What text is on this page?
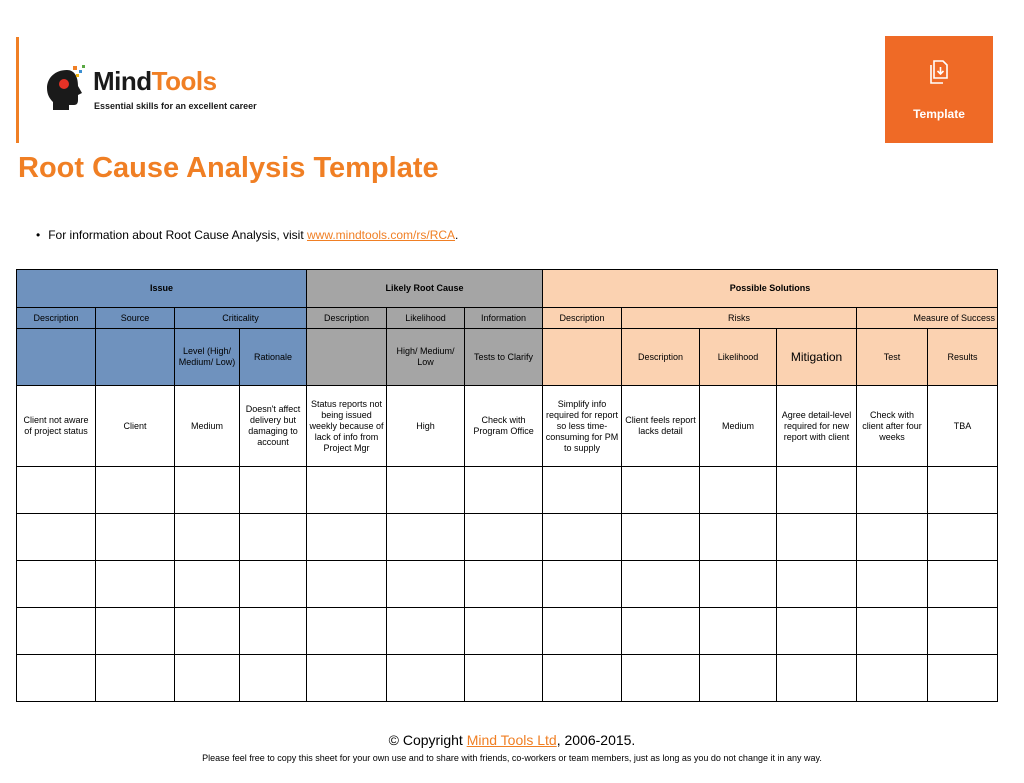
MindTools
Essential skills for an excellent career
Template
Root Cause Analysis Template
• For information about Root Cause Analysis, visit www.mindtools.com/rs/RCA.
Issue				Likely Root Cause			Possible Solutions					
Description	Source	Criticality		Description	Likelihood	Information	Description	Risks			Measure of Success	
		Level (High/ Medium/ Low)	Rationale		High/ Medium/ Low	Tests to Clarify		Description	Likelihood	Mitigation	Test	Results
Client not aware of project status	Client	Medium	Doesn't affect delivery but damaging to account	Status reports not being issued weekly because of lack of info from Project Mgr	High	Check with Program Office	Simplify info required for report so less time-consuming for PM to supply	Client feels report lacks detail	Medium	Agree detail-level required for new report with client	Check with client after four weeks	TBA

© Copyright Mind Tools Ltd, 2006-2015.
Please feel free to copy this sheet for your own use and to share with friends, co-workers or team members, just as long as you do not change it in any way.
